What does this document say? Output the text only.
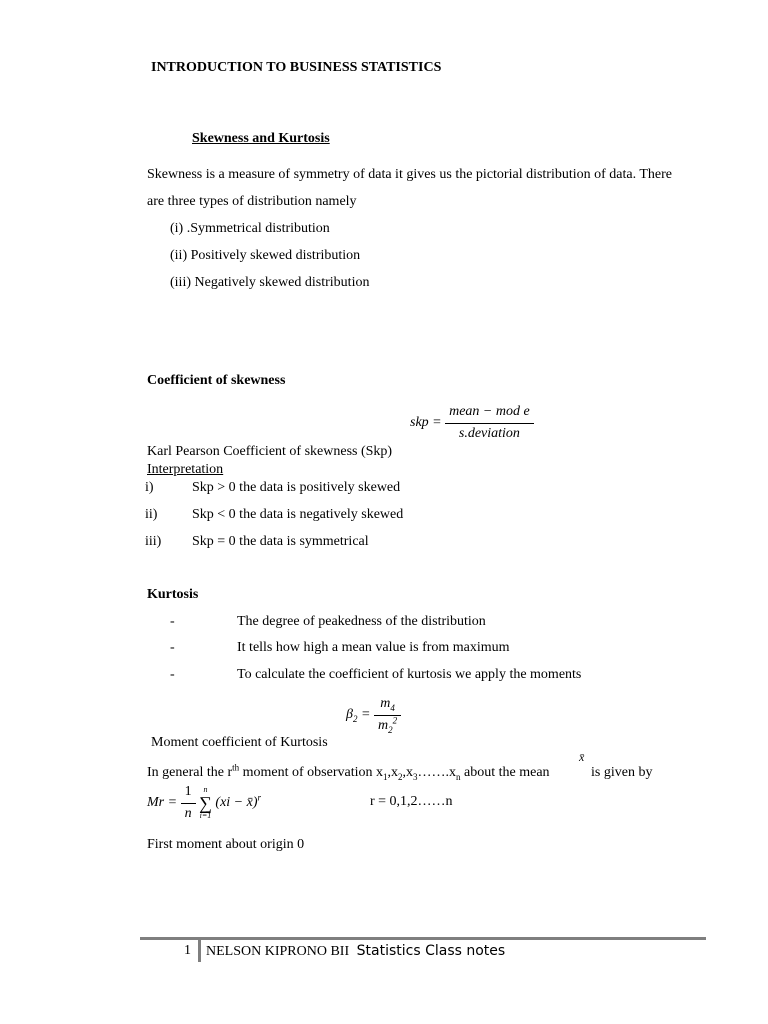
INTRODUCTION TO BUSINESS STATISTICS
Skewness and Kurtosis
Skewness is a measure of symmetry of data it gives us the pictorial distribution of data. There
are three types of distribution namely
(i) .Symmetrical distribution
(ii) Positively skewed distribution
(iii) Negatively skewed distribution
Coefficient of skewness
skp = $\frac{\text{mean − mod e}}{\text{s.deviation}}$
Karl Pearson Coefficient of skewness (Skp)
Interpretation
i)	Skp > 0 the data is positively skewed
ii) Skp < 0 the data is negatively skewed
iii) Skp = 0 the data is symmetrical
Kurtosis
-	The degree of peakedness of the distribution
-	It tells how high a mean value is from maximum
-	To calculate the coefficient of kurtosis we apply the moments
$\beta_2 = \frac{m_4}{m_2^2}$
Moment coefficient of Kurtosis
In general the $r^{th}$ moment of observation $x_1,x_2,x_3\dots\dots.x_n$ about the mean
x̄
is given by
$Mr = \frac{1}{n}$
n
∑
i=1
(xi − x̄)$^r$	r = 0,1,2……n
First moment about origin 0
1 NELSON KIPRONO BII Statistics Class notes
